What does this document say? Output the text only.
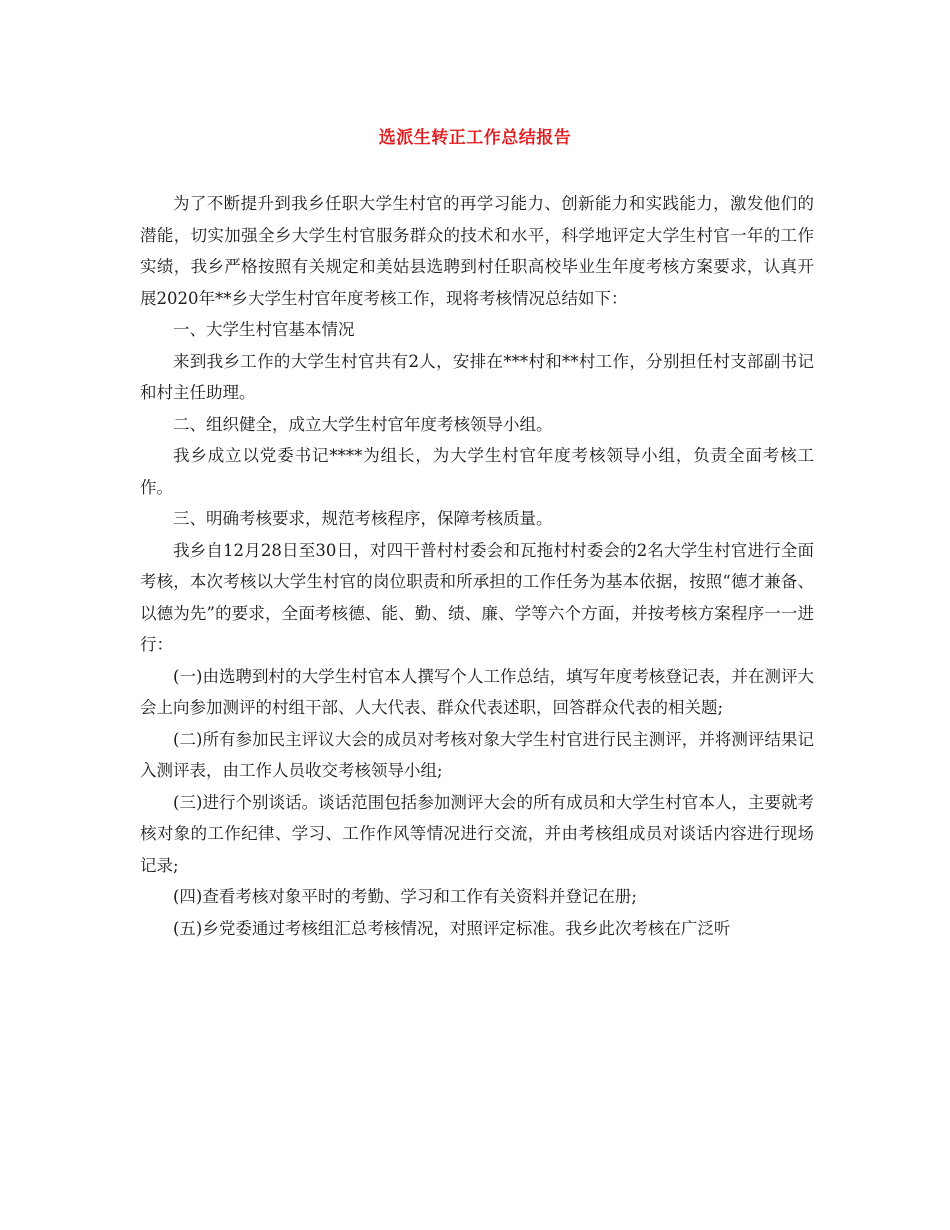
选派生转正工作总结报告

为了不断提升到我乡任职大学生村官的再学习能力、创新能力和实践能力，激发他们的潜能，切实加强全乡大学生村官服务群众的技术和水平，科学地评定大学生村官一年的工作实绩，我乡严格按照有关规定和美姑县选聘到村任职高校毕业生年度考核方案要求，认真开展2020年**乡大学生村官年度考核工作，现将考核情况总结如下：

一、大学生村官基本情况

来到我乡工作的大学生村官共有2人，安排在***村和**村工作，分别担任村支部副书记和村主任助理。

二、组织健全，成立大学生村官年度考核领导小组。

我乡成立以党委书记****为组长，为大学生村官年度考核领导小组，负责全面考核工作。

三、明确考核要求，规范考核程序，保障考核质量。

我乡自12月28日至30日，对四干普村村委会和瓦拖村村委会的2名大学生村官进行全面考核，本次考核以大学生村官的岗位职责和所承担的工作任务为基本依据，按照“德才兼备、以德为先”的要求，全面考核德、能、勤、绩、廉、学等六个方面，并按考核方案程序一一进行：

(一)由选聘到村的大学生村官本人撰写个人工作总结，填写年度考核登记表，并在测评大会上向参加测评的村组干部、人大代表、群众代表述职，回答群众代表的相关题;

(二)所有参加民主评议大会的成员对考核对象大学生村官进行民主测评，并将测评结果记入测评表，由工作人员收交考核领导小组;

(三)进行个别谈话。谈话范围包括参加测评大会的所有成员和大学生村官本人，主要就考核对象的工作纪律、学习、工作作风等情况进行交流，并由考核组成员对谈话内容进行现场记录;

(四)查看考核对象平时的考勤、学习和工作有关资料并登记在册;

(五)乡党委通过考核组汇总考核情况，对照评定标准。我乡此次考核在广泛听
